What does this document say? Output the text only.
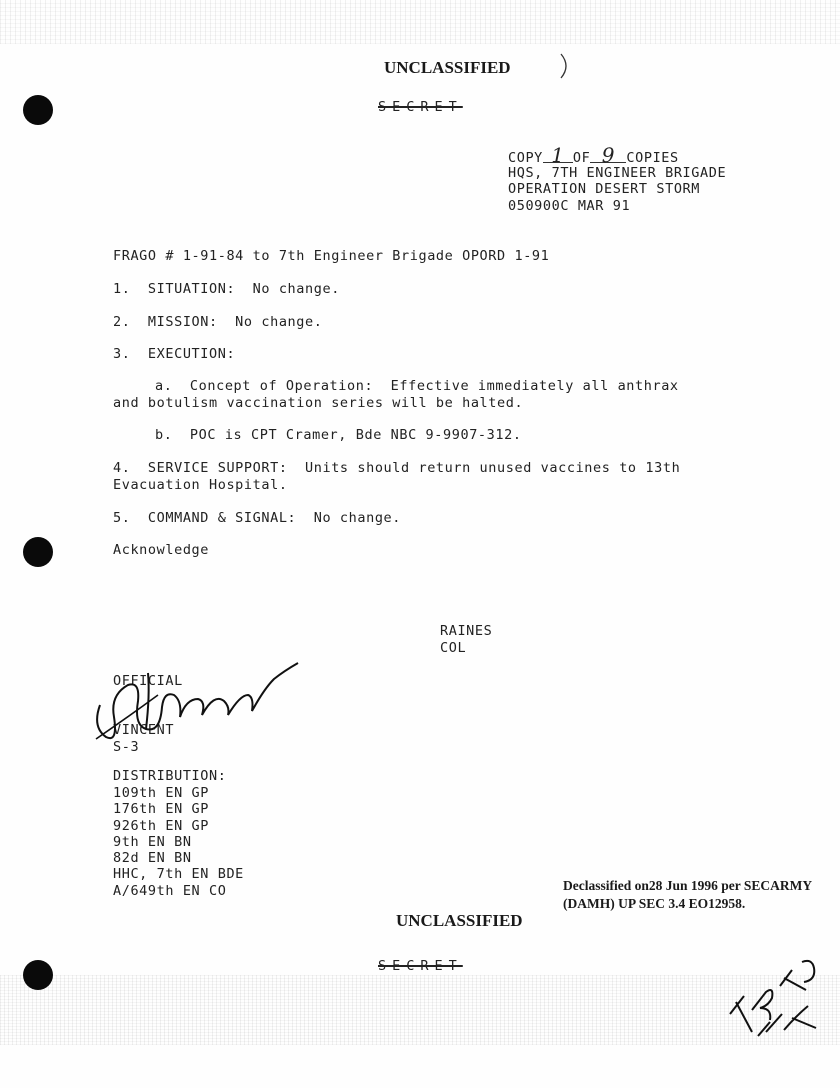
UNCLASSIFIED
SECRET
COPY 1 OF 9 COPIES
HQS, 7TH ENGINEER BRIGADE
OPERATION DESERT STORM
050900C MAR 91
FRAGO # 1-91-84 to 7th Engineer Brigade OPORD 1-91
1.  SITUATION:  No change.
2.  MISSION:  No change.
3.  EXECUTION:
a.  Concept of Operation:  Effective immediately all anthrax
and botulism vaccination series will be halted.
b.  POC is CPT Cramer, Bde NBC 9-9907-312.
4.  SERVICE SUPPORT:  Units should return unused vaccines to 13th
Evacuation Hospital.
5.  COMMAND & SIGNAL:  No change.
Acknowledge
RAINES
COL
OFFICIAL
VINCENT
S-3
DISTRIBUTION:
109th EN GP
176th EN GP
926th EN GP
9th EN BN
82d EN BN
HHC, 7th EN BDE
A/649th EN CO	Declassified on28 Jun 1996 per SECARMY
(DAMH) UP SEC 3.4 EO12958.
UNCLASSIFIED
SECRET
